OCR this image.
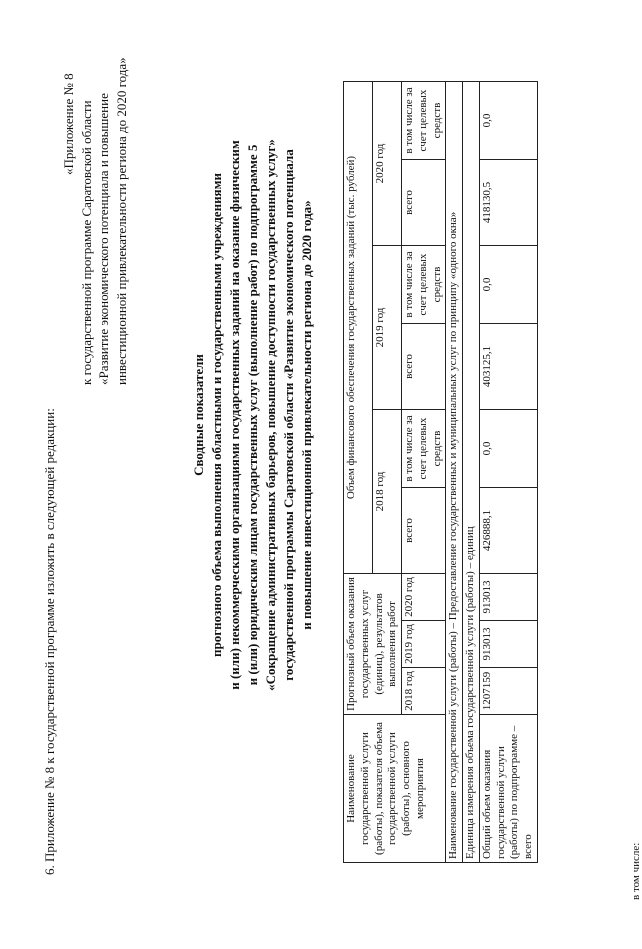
6. Приложение № 8 к государственной программе изложить в следующей редакции:
«Приложение № 8 к государственной программе Саратовской области «Развитие экономического потенциала и повышение инвестиционной привлекательности региона до 2020 года»
Сводные показатели прогнозного объема выполнения областными и государственными учреждениями и (или) некоммерческими организациями государственных заданий на оказание физическим и (или) юридическим лицам государственных услуг (выполнение работ) по подпрограмме 5 «Сокращение административных барьеров, повышение доступности государственных услуг» государственной программы Саратовской области «Развитие экономического потенциала и повышение инвестиционной привлекательности региона до 2020 года»
Наименование государственной услуги (работы), показателя объема государственной услуги (работы), основного мероприятия	Прогнозный объем оказания государственных услуг (единиц), результатов выполнения работ			Объем финансового обеспечения государственных заданий (тыс. рублей)					
				2018 год		2019 год		2020 год	
	2018 год	2019 год	2020 год	всего	в том числе за счет целевых средств	всего	в том числе за счет целевых средств	всего	в том числе за счет целевых средств
Наименование государственной услуги (работы) – Предоставление государственных и муниципальных услуг по принципу «одного окна»									
Единица измерения объема государственной услуги (работы) – единиц									
Общий объем оказания государственной услуги (работы) по подпрограмме – всего	1207159	913013	913013	426888,1	0,0	403125,1	0,0	418130,5	0,0
в том числе:
